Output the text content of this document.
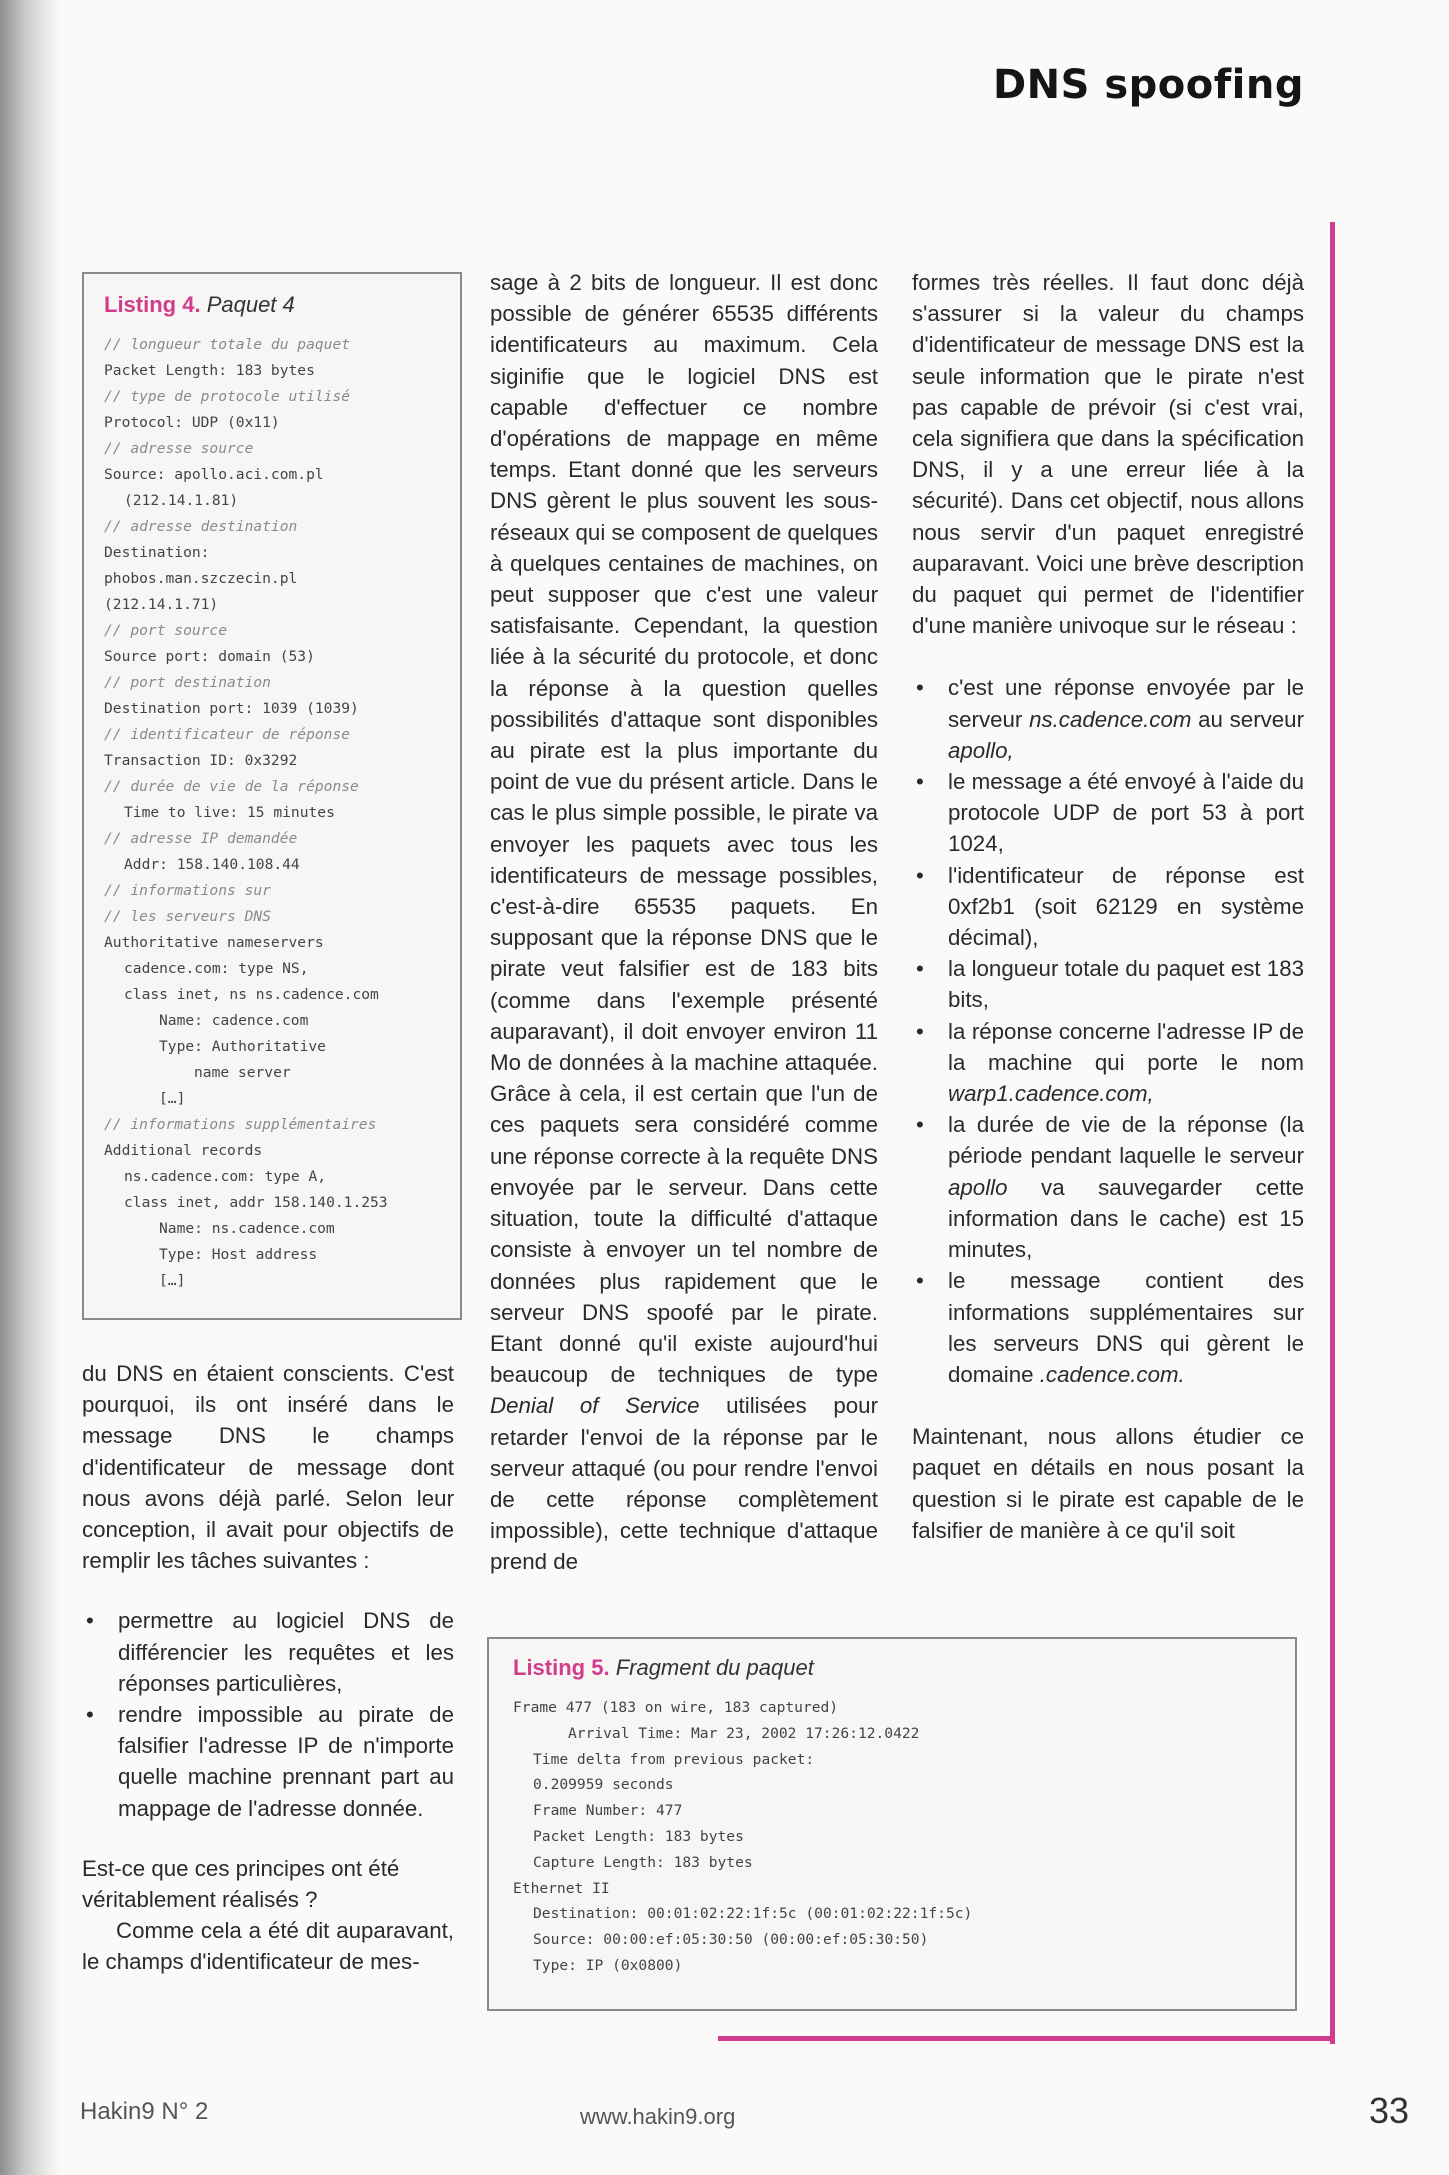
DNS spoofing
Listing 4. Paquet 4
// longueur totale du paquet
Packet Length: 183 bytes
// type de protocole utilisé
Protocol: UDP (0x11)
// adresse source
Source: apollo.aci.com.pl
(212.14.1.81)
// adresse destination
Destination:
phobos.man.szczecin.pl
(212.14.1.71)
// port source
Source port: domain (53)
// port destination
Destination port: 1039 (1039)
// identificateur de réponse
Transaction ID: 0x3292
// durée de vie de la réponse
Time to live: 15 minutes
// adresse IP demandée
Addr: 158.140.108.44
// informations sur
// les serveurs DNS
Authoritative nameservers
cadence.com: type NS,
class inet, ns ns.cadence.com
Name: cadence.com
Type: Authoritative
name server
[…]
// informations supplémentaires
Additional records
ns.cadence.com: type A,
class inet, addr 158.140.1.253
Name: ns.cadence.com
Type: Host address
[…]

du DNS en étaient conscients. C'est pourquoi, ils ont inséré dans le message DNS le champs d'identificateur de message dont nous avons déjà parlé. Selon leur conception, il avait pour objectifs de remplir les tâches suivantes :

• permettre au logiciel DNS de différencier les requêtes et les réponses particulières,
• rendre impossible au pirate de falsifier l'adresse IP de n'importe quelle machine prennant part au mappage de l'adresse donnée.

Est-ce que ces principes ont été véritablement réalisés ?

Comme cela a été dit auparavant, le champs d'identificateur de mes-

sage à 2 bits de longueur. Il est donc possible de générer 65535 différents identificateurs au maximum. Cela siginifie que le logiciel DNS est capable d'effectuer ce nombre d'opérations de mappage en même temps. Etant donné que les serveurs DNS gèrent le plus souvent les sous-réseaux qui se composent de quelques à quelques centaines de machines, on peut supposer que c'est une valeur satisfaisante. Cependant, la question liée à la sécurité du protocole, et donc la réponse à la question quelles possibilités d'attaque sont disponibles au pirate est la plus importante du point de vue du présent article. Dans le cas le plus simple possible, le pirate va envoyer les paquets avec tous les identificateurs de message possibles, c'est-à-dire 65535 paquets. En supposant que la réponse DNS que le pirate veut falsifier est de 183 bits (comme dans l'exemple présenté auparavant), il doit envoyer environ 11 Mo de données à la machine attaquée. Grâce à cela, il est certain que l'un de ces paquets sera considéré comme une réponse correcte à la requête DNS envoyée par le serveur. Dans cette situation, toute la difficulté d'attaque consiste à envoyer un tel nombre de données plus rapidement que le serveur DNS spoofé par le pirate. Etant donné qu'il existe aujourd'hui beaucoup de techniques de type Denial of Service utilisées pour retarder l'envoi de la réponse par le serveur attaqué (ou pour rendre l'envoi de cette réponse complètement impossible), cette technique d'attaque prend de

formes très réelles. Il faut donc déjà s'assurer si la valeur du champs d'identificateur de message DNS est la seule information que le pirate n'est pas capable de prévoir (si c'est vrai, cela signifiera que dans la spécification DNS, il y a une erreur liée à la sécurité). Dans cet objectif, nous allons nous servir d'un paquet enregistré auparavant. Voici une brève description du paquet qui permet de l'identifier d'une manière univoque sur le réseau :

• c'est une réponse envoyée par le serveur ns.cadence.com au serveur apollo,
• le message a été envoyé à l'aide du protocole UDP de port 53 à port 1024,
• l'identificateur de réponse est 0xf2b1 (soit 62129 en système décimal),
• la longueur totale du paquet est 183 bits,
• la réponse concerne l'adresse IP de la machine qui porte le nom warp1.cadence.com,
• la durée de vie de la réponse (la période pendant laquelle le serveur apollo va sauvegarder cette information dans le cache) est 15 minutes,
• le message contient des informations supplémentaires sur les serveurs DNS qui gèrent le domaine .cadence.com.

Maintenant, nous allons étudier ce paquet en détails en nous posant la question si le pirate est capable de le falsifier de manière à ce qu'il soit

Listing 5. Fragment du paquet
Frame 477 (183 on wire, 183 captured)
Arrival Time: Mar 23, 2002 17:26:12.0422
Time delta from previous packet:
0.209959 seconds
Frame Number: 477
Packet Length: 183 bytes
Capture Length: 183 bytes
Ethernet II
Destination: 00:01:02:22:1f:5c (00:01:02:22:1f:5c)
Source: 00:00:ef:05:30:50 (00:00:ef:05:30:50)
Type: IP (0x0800)
Hakin9 N° 2	www.hakin9.org	33
